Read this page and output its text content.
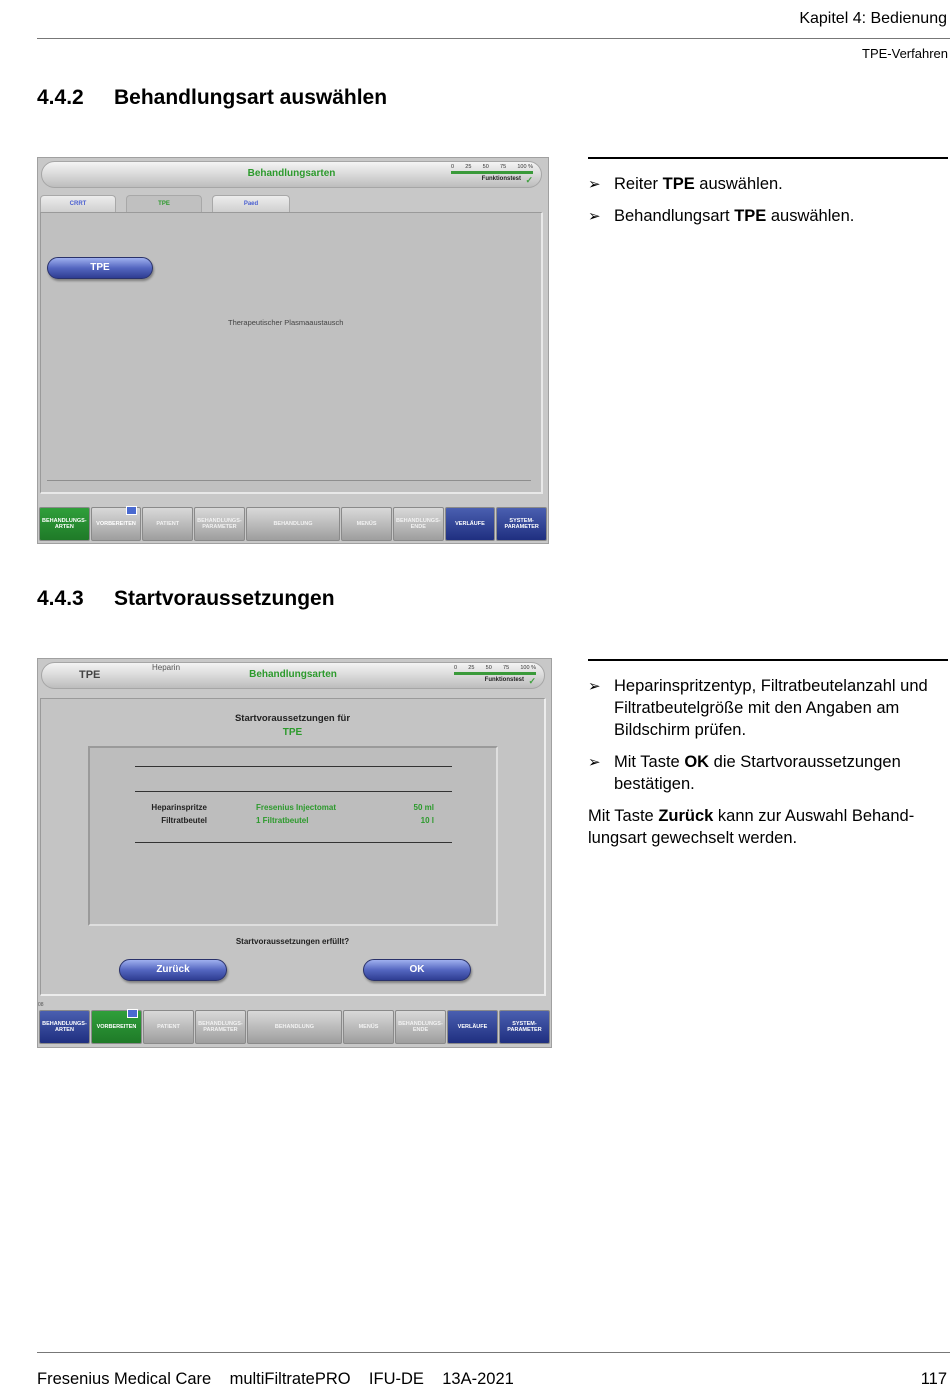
Kapitel 4: Bedienung
TPE-Verfahren
4.4.2 Behandlungsart auswählen
Behandlungsarten
0 25 50 75 100 %
Funktionstest ✓
CRRT	TPE	Paed
TPE
Therapeutischer Plasmaaustausch
BEHANDLUNGS-
ARTEN
VORBEREITEN	PATIENT
BEHANDLUNGS-
PARAMETER
BEHANDLUNG	MENÜS
BEHANDLUNGS-
ENDE
VERLÄUFE
SYSTEM-
PARAMETER
➢ Reiter TPE auswählen.
➢ Behandlungsart TPE auswählen.
4.4.3 Startvoraussetzungen
TPE
Heparin
Behandlungsarten
0 25 50 75 100 %
Funktionstest ✓
Startvoraussetzungen für
TPE
Heparinspritze	Fresenius Injectomat	50 ml
Filtratbeutel	1 Filtratbeutel	10 l
Startvoraussetzungen erfüllt?
Zurück	OK
08
BEHANDLUNGS-
ARTEN
VORBEREITEN	PATIENT
BEHANDLUNGS-
PARAMETER
BEHANDLUNG	MENÜS
BEHANDLUNGS-
ENDE
VERLÄUFE
SYSTEM-
PARAMETER
➢ Heparinspritzentyp, Filtratbeutelanzahl und Filtratbeutelgröße mit den Angaben am Bildschirm prüfen.
➢ Mit Taste OK die Startvoraussetzungen bestätigen.
Mit Taste Zurück kann zur Auswahl Behand-lungsart gewechselt werden.
Fresenius Medical Care    multiFiltratePRO    IFU-DE    13A-2021	117
